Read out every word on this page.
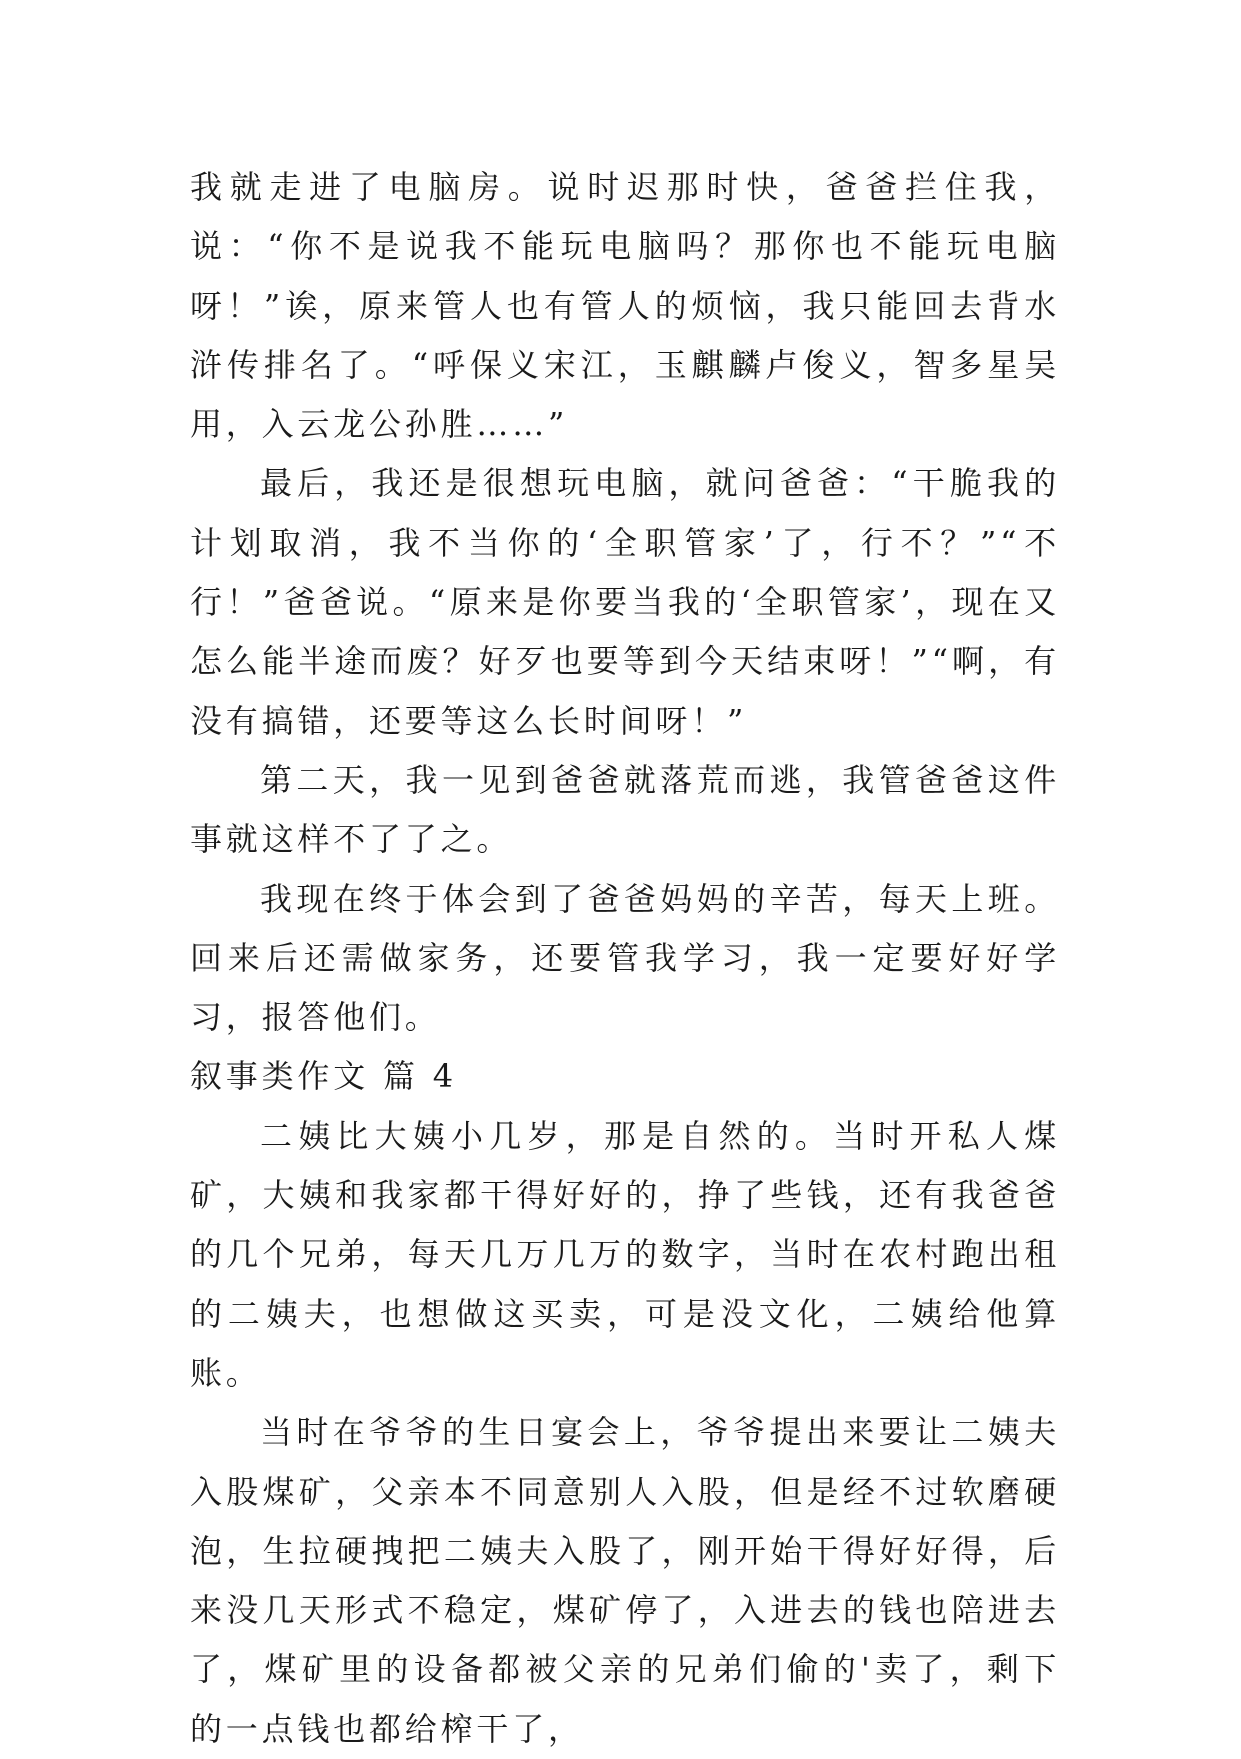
我就走进了电脑房。说时迟那时快，爸爸拦住我，说：“你不是说我不能玩电脑吗？那你也不能玩电脑呀！”诶，原来管人也有管人的烦恼，我只能回去背水浒传排名了。“呼保义宋江，玉麒麟卢俊义，智多星吴用，入云龙公孙胜……”

最后，我还是很想玩电脑，就问爸爸：“干脆我的计划取消，我不当你的‘全职管家’了，行不？”“不行！”爸爸说。“原来是你要当我的‘全职管家’，现在又怎么能半途而废？好歹也要等到今天结束呀！”“啊，有没有搞错，还要等这么长时间呀！”

第二天，我一见到爸爸就落荒而逃，我管爸爸这件事就这样不了了之。

我现在终于体会到了爸爸妈妈的辛苦，每天上班。回来后还需做家务，还要管我学习，我一定要好好学习，报答他们。

叙事类作文 篇 4

二姨比大姨小几岁，那是自然的。当时开私人煤矿，大姨和我家都干得好好的，挣了些钱，还有我爸爸的几个兄弟，每天几万几万的数字，当时在农村跑出租的二姨夫，也想做这买卖，可是没文化，二姨给他算账。

当时在爷爷的生日宴会上，爷爷提出来要让二姨夫入股煤矿，父亲本不同意别人入股，但是经不过软磨硬泡，生拉硬拽把二姨夫入股了，刚开始干得好好得，后来没几天形式不稳定，煤矿停了，入进去的钱也陪进去了，煤矿里的设备都被父亲的兄弟们偷的'卖了，剩下的一点钱也都给榨干了，
